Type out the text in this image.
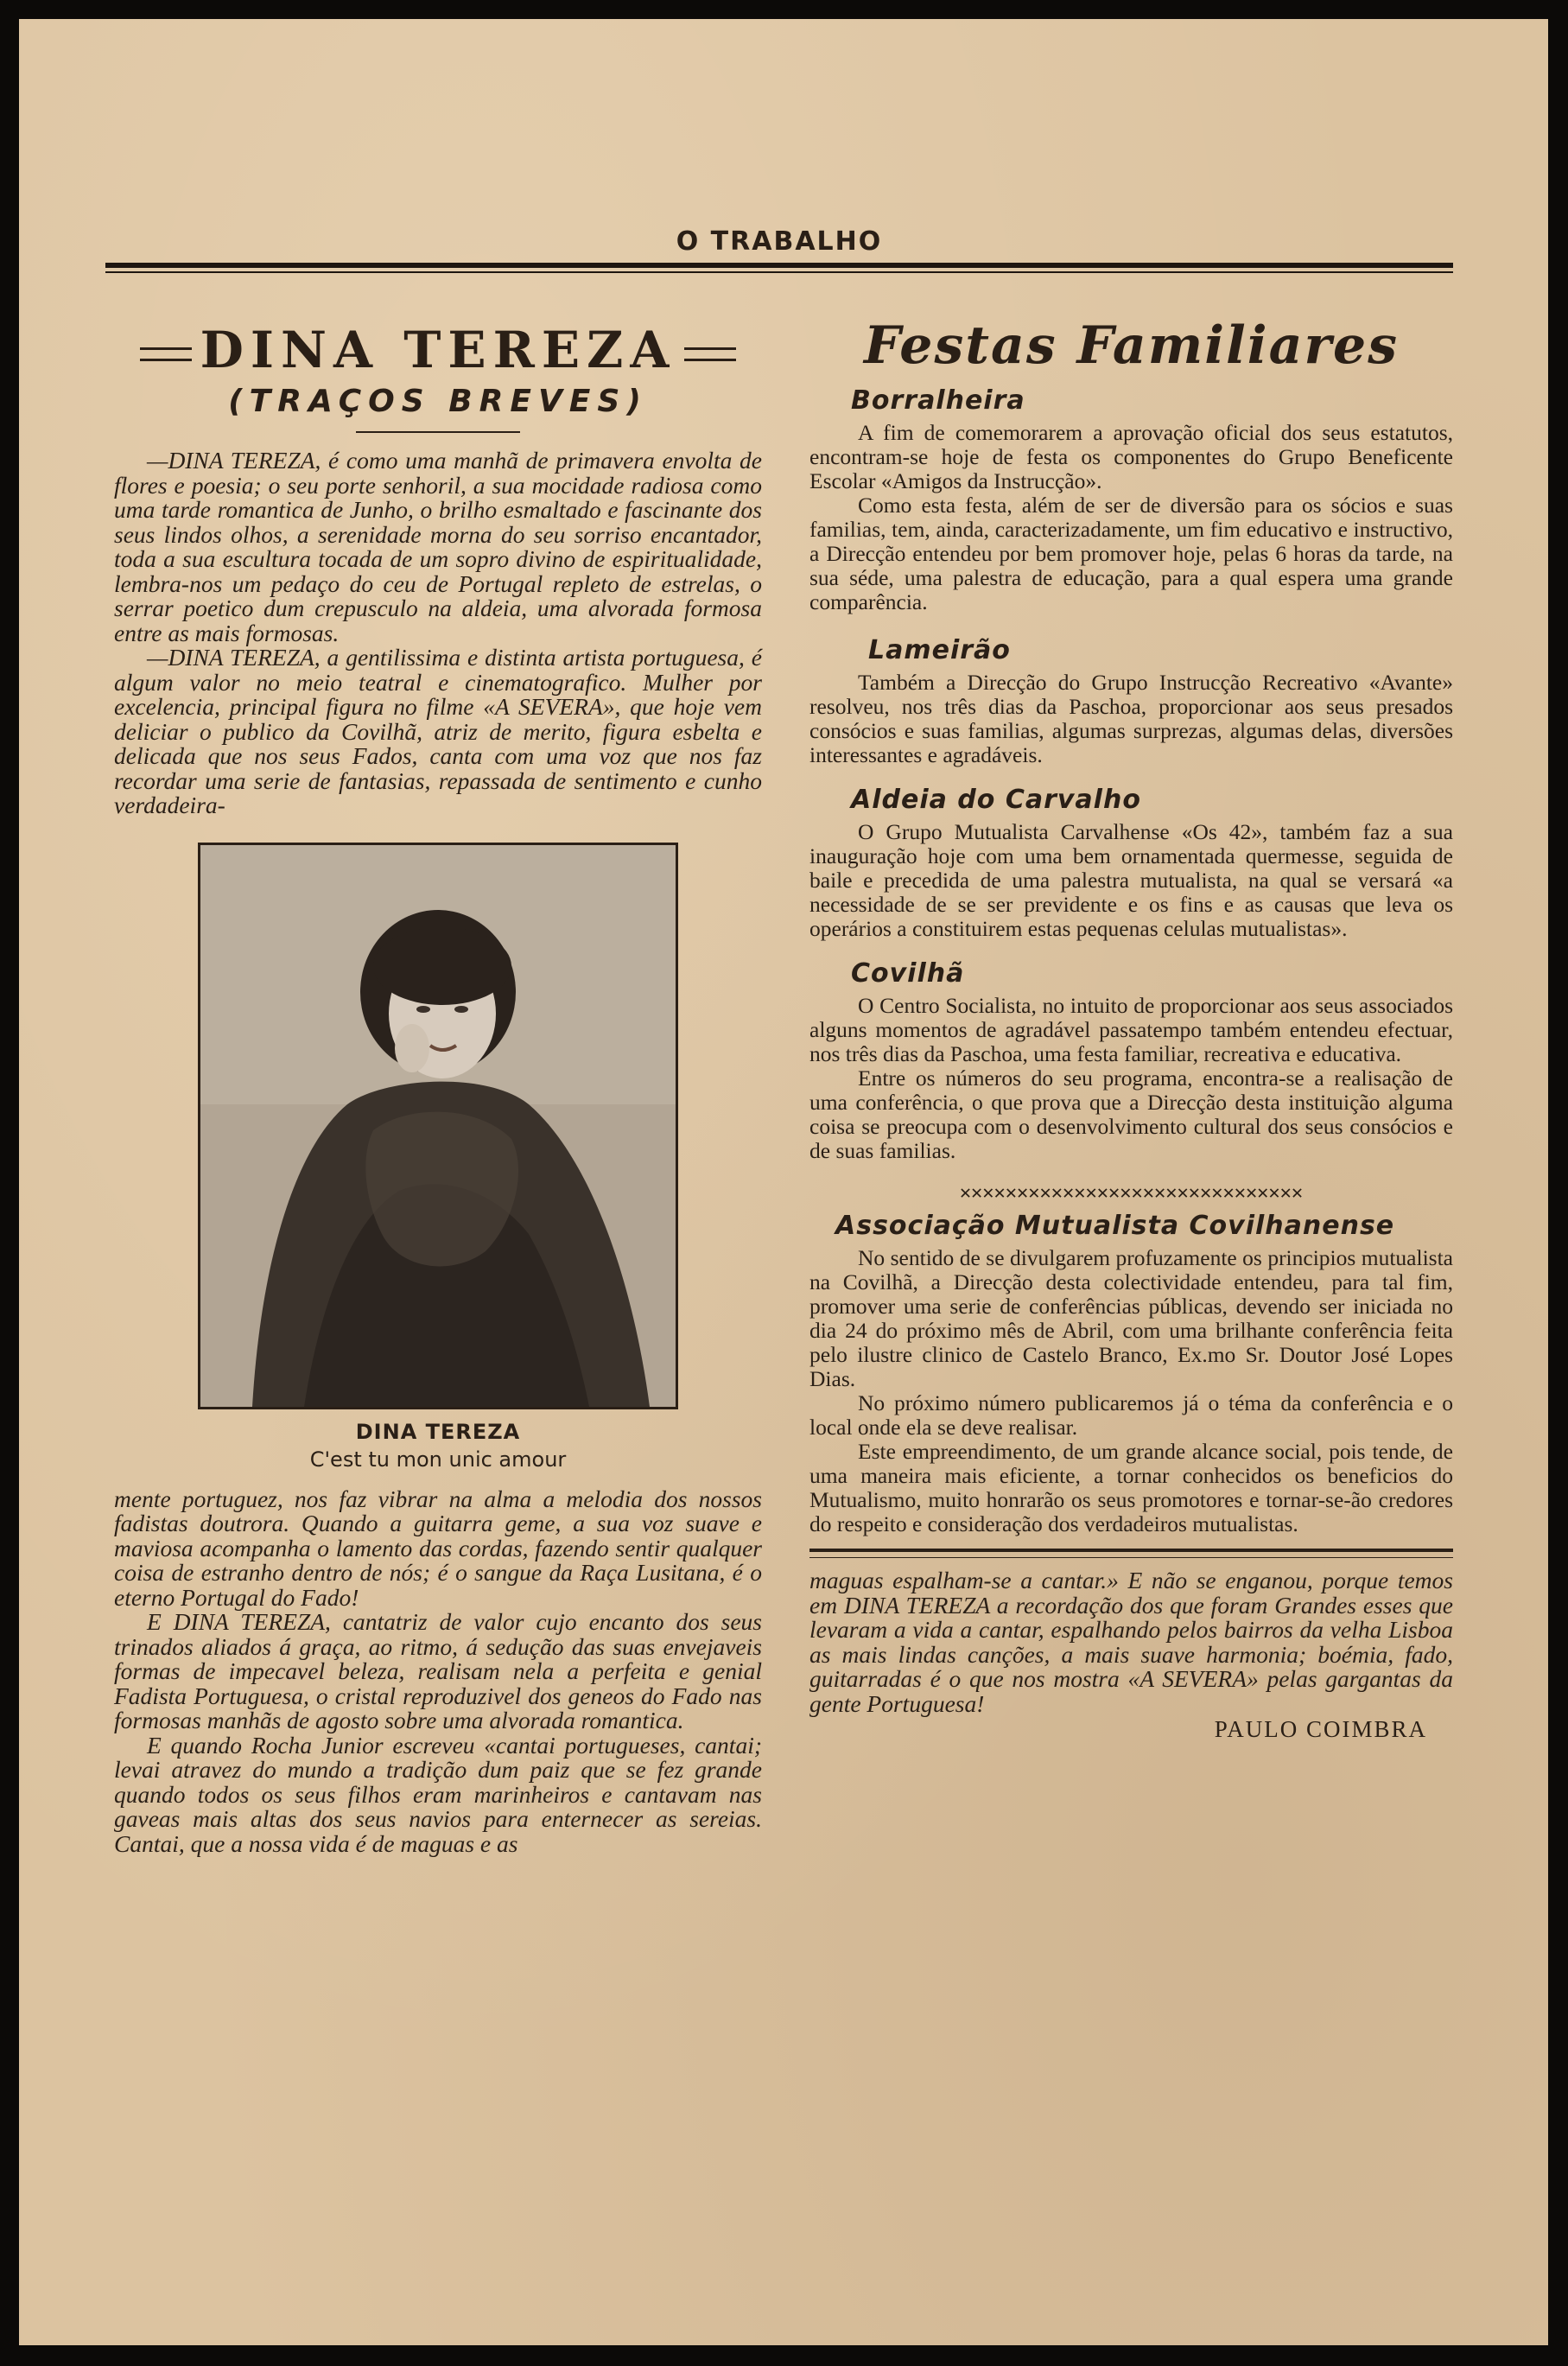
O TRABALHO
DINA TEREZA
(TRAÇOS BREVES)

—DINA TEREZA, é como uma manhã de primavera envolta de flores e poesia; o seu porte senhoril, a sua mocidade radiosa como uma tarde romantica de Junho, o brilho esmaltado e fascinante dos seus lindos olhos, a serenidade morna do seu sorriso encantador, toda a sua escultura tocada de um sopro divino de espiritualidade, lembra-nos um pedaço do ceu de Portugal repleto de estrelas, o serrar poetico dum crepusculo na aldeia, uma alvorada formosa entre as mais formosas.

—DINA TEREZA, a gentilissima e distinta artista portuguesa, é algum valor no meio teatral e cinematografico. Mulher por excelencia, principal figura no filme «A SEVERA», que hoje vem deliciar o publico da Covilhã, atriz de merito, figura esbelta e delicada que nos seus Fados, canta com uma voz que nos faz recordar uma serie de fantasias, repassada de sentimento e cunho verdadeira-

DINA TEREZA
C'est tu mon unic amour

mente portuguez, nos faz vibrar na alma a melodia dos nossos fadistas doutrora. Quando a guitarra geme, a sua voz suave e maviosa acompanha o lamento das cordas, fazendo sentir qualquer coisa de estranho dentro de nós; é o sangue da Raça Lusitana, é o eterno Portugal do Fado!

E DINA TEREZA, cantatriz de valor cujo encanto dos seus trinados aliados á graça, ao ritmo, á sedução das suas envejaveis formas de impecavel beleza, realisam nela a perfeita e genial Fadista Portuguesa, o cristal reproduzivel dos geneos do Fado nas formosas manhãs de agosto sobre uma alvorada romantica.

E quando Rocha Junior escreveu «cantai portugueses, cantai; levai atravez do mundo a tradição dum paiz que se fez grande quando todos os seus filhos eram marinheiros e cantavam nas gaveas mais altas dos seus navios para enternecer as sereias. Cantai, que a nossa vida é de maguas e as

Festas Familiares
Borralheira

A fim de comemorarem a aprovação oficial dos seus estatutos, encontram-se hoje de festa os componentes do Grupo Beneficente Escolar «Amigos da Instrucção».

Como esta festa, além de ser de diversão para os sócios e suas familias, tem, ainda, caracterizadamente, um fim educativo e instructivo, a Direcção entendeu por bem promover hoje, pelas 6 horas da tarde, na sua séde, uma palestra de educação, para a qual espera uma grande comparência.

Lameirão

Também a Direcção do Grupo Instrucção Recreativo «Avante» resolveu, nos três dias da Paschoa, proporcionar aos seus presados consócios e suas familias, algumas surprezas, algumas delas, diversões interessantes e agradáveis.

Aldeia do Carvalho

O Grupo Mutualista Carvalhense «Os 42», também faz a sua inauguração hoje com uma bem ornamentada quermesse, seguida de baile e precedida de uma palestra mutualista, na qual se versará «a necessidade de se ser previdente e os fins e as causas que leva os operários a constituirem estas pequenas celulas mutualistas».

Covilhã

O Centro Socialista, no intuito de proporcionar aos seus associados alguns momentos de agradável passatempo também entendeu efectuar, nos três dias da Paschoa, uma festa familiar, recreativa e educativa.

Entre os números do seu programa, encontra-se a realisação de uma conferência, o que prova que a Direcção desta instituição alguma coisa se preocupa com o desenvolvimento cultural dos seus consócios e de suas familias.

✕✕✕✕✕✕✕✕✕✕✕✕✕✕✕✕✕✕✕✕✕✕✕✕✕✕✕✕✕✕
Associação Mutualista Covilhanense

No sentido de se divulgarem profuzamente os principios mutualista na Covilhã, a Direcção desta colectividade entendeu, para tal fim, promover uma serie de conferências públicas, devendo ser iniciada no dia 24 do próximo mês de Abril, com uma brilhante conferência feita pelo ilustre clinico de Castelo Branco, Ex.mo Sr. Doutor José Lopes Dias.

No próximo número publicaremos já o téma da conferência e o local onde ela se deve realisar.

Este empreendimento, de um grande alcance social, pois tende, de uma maneira mais eficiente, a tornar conhecidos os beneficios do Mutualismo, muito honrarão os seus promotores e tornar-se-ão credores do respeito e consideração dos verdadeiros mutualistas.

maguas espalham-se a cantar.» E não se enganou, porque temos em DINA TEREZA a recordação dos que foram Grandes esses que levaram a vida a cantar, espalhando pelos bairros da velha Lisboa as mais lindas canções, a mais suave harmonia; boémia, fado, guitarradas é o que nos mostra «A SEVERA» pelas gargantas da gente Portuguesa!

PAULO COIMBRA
